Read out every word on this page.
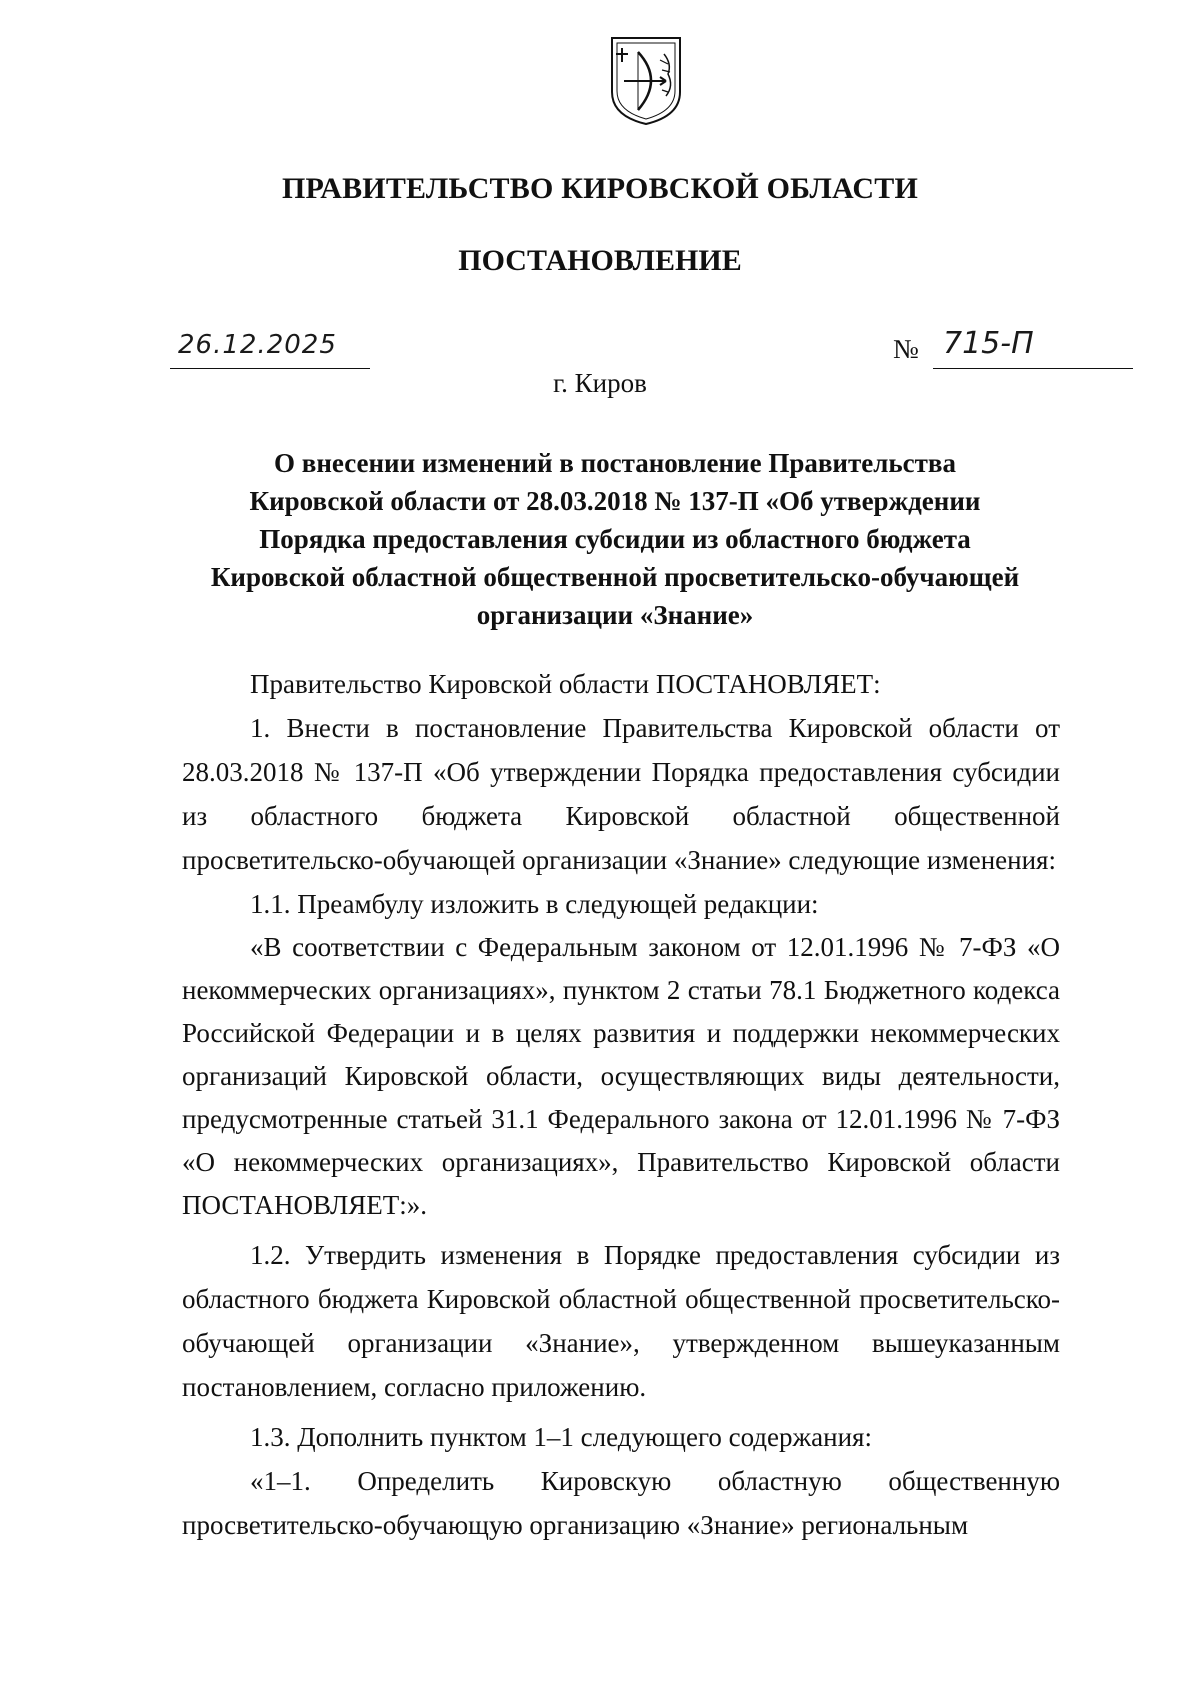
ПРАВИТЕЛЬСТВО КИРОВСКОЙ ОБЛАСТИ
ПОСТАНОВЛЕНИЕ
26.12.2025	№ 715-П
г. Киров
О внесении изменений в постановление Правительства
Кировской области от 28.03.2018 № 137-П «Об утверждении
Порядка предоставления субсидии из областного бюджета
Кировской областной общественной просветительско-обучающей
организации «Знание»

Правительство Кировской области ПОСТАНОВЛЯЕТ:

1. Внести в постановление Правительства Кировской области от 28.03.2018 № 137-П «Об утверждении Порядка предоставления субсидии из областного бюджета Кировской областной общественной просветительско-обучающей организации «Знание» следующие изменения:

1.1. Преамбулу изложить в следующей редакции:

«В соответствии с Федеральным законом от 12.01.1996 № 7-ФЗ «О некоммерческих организациях», пунктом 2 статьи 78.1 Бюджетного кодекса Российской Федерации и в целях развития и поддержки некоммерческих организаций Кировской области, осуществляющих виды деятельности, предусмотренные статьей 31.1 Федерального закона от 12.01.1996 № 7-ФЗ «О некоммерческих организациях», Правительство Кировской области ПОСТАНОВЛЯЕТ:».

1.2. Утвердить изменения в Порядке предоставления субсидии из областного бюджета Кировской областной общественной просветительско-обучающей организации «Знание», утвержденном вышеуказанным постановлением, согласно приложению.

1.3. Дополнить пунктом 1–1 следующего содержания:

«1–1. Определить Кировскую областную общественную просветительско-обучающую организацию «Знание» региональным
